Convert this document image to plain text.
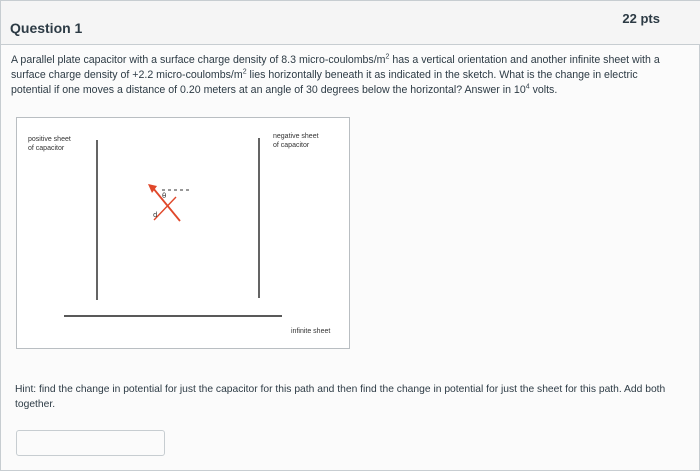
Question 1
22 pts
A parallel plate capacitor with a surface charge density of 8.3 micro-$coulombs/m^2$ has a vertical orientation and another infinite sheet with a surface charge density of +2.2 micro-$coulombs/m^2$ lies horizontally beneath it as indicated in the sketch. What is the change in electric potential if one moves a distance of 0.20 meters at an angle of 30 degrees below the horizontal? Answer in $10^4$ volts.
positive sheet
of capacitor
negative sheet
of capacitor
infinite sheet
θ
d
Hint: find the change in potential for just the capacitor for this path and then find the change in potential for just the sheet for this path. Add both together.
